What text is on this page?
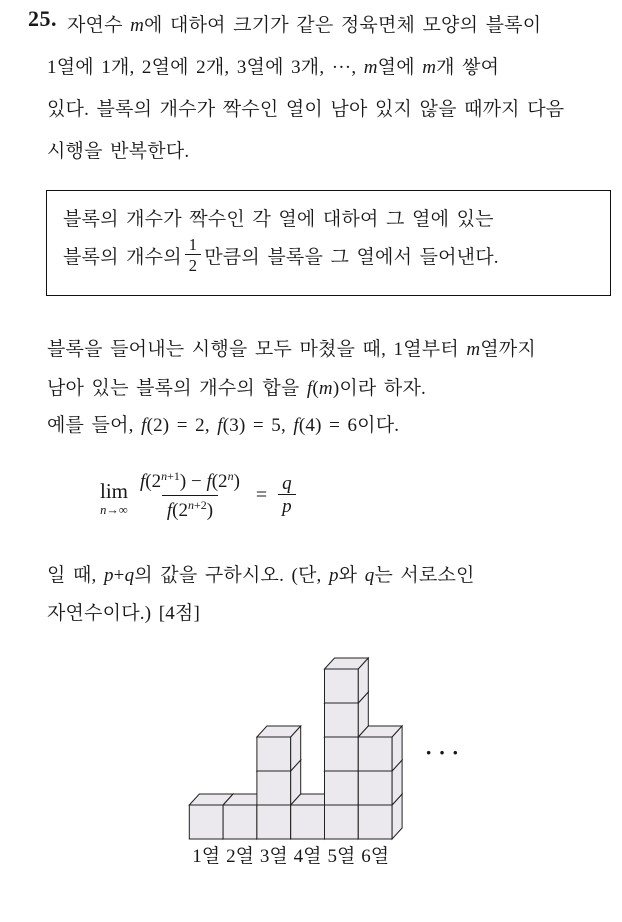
25. 자연수 m에 대하여 크기가 같은 정육면체 모양의 블록이
1열에 1개, 2열에 2개, 3열에 3개, ···, m열에 m개 쌓여
있다. 블록의 개수가 짝수인 열이 남아 있지 않을 때까지 다음
시행을 반복한다.
블록의 개수가 짝수인 각 열에 대하여 그 열에 있는
블록의 개수의 $\frac{1}{2}$ 만큼의 블록을 그 열에서 들어낸다.
블록을 들어내는 시행을 모두 마쳤을 때, 1열부터 m열까지
남아 있는 블록의 개수의 합을 f(m)이라 하자.
예를 들어, f(2) = 2, f(3) = 5, f(4) = 6이다.
lim
$n\to\infty \frac{f(2^{n+1}) - f(2^n)}{f(2^{n+2})} = \frac{q}{p}$
일 때, p+q의 값을 구하시오. (단, p와 q는 서로소인
자연수이다.) [4점]
1열 2열 3열 4열 5열 6열
···
